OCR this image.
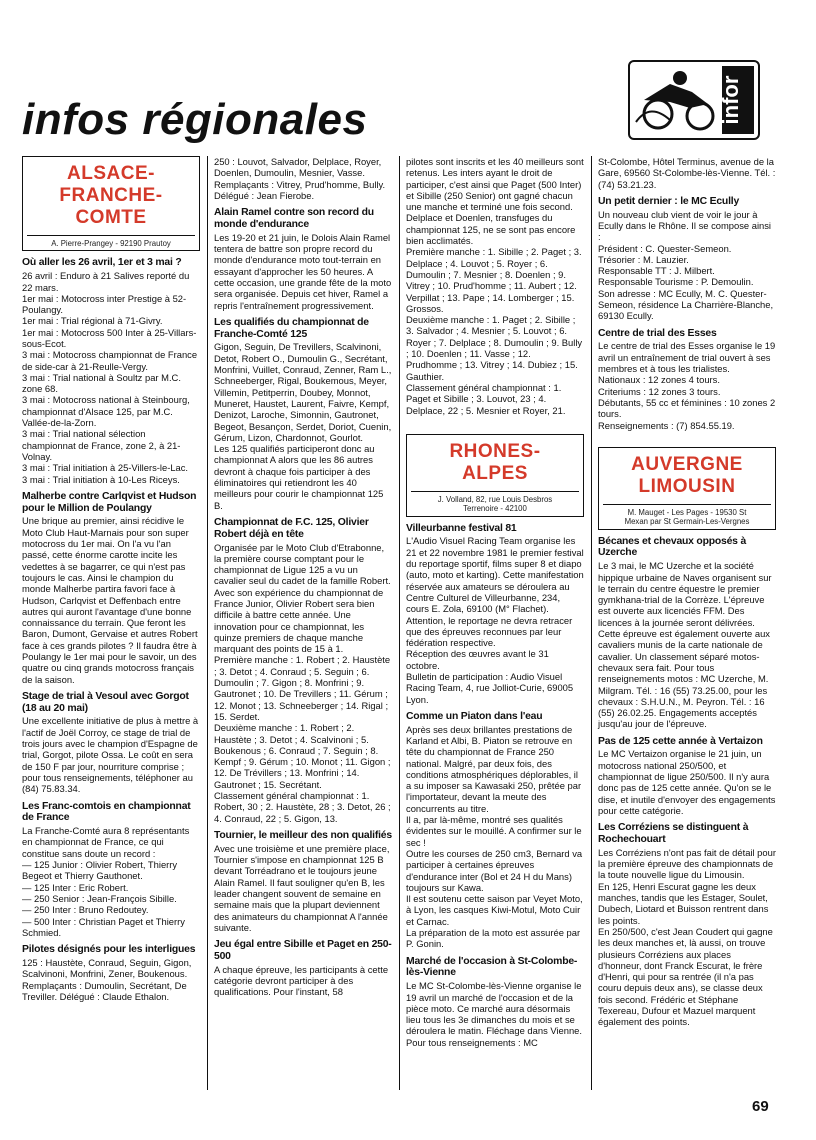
infos régionales	infor
ALSACE-
FRANCHE-
COMTE
A. Pierre-Prangey - 92190 Prautoy
Où aller les 26 avril, 1er et 3 mai ?

26 avril : Enduro à 21 Salives reporté du 22 mars.

1er mai : Motocross inter Prestige à 52-Poulangy.

1er mai : Trial régional à 71-Givry.

1er mai : Motocross 500 Inter à 25-Villars-sous-Ecot.

3 mai : Motocross championnat de France de side-car à 21-Reulle-Vergy.

3 mai : Trial national à Soultz par M.C. zone 68.

3 mai : Motocross national à Steinbourg, championnat d'Alsace 125, par M.C. Vallée-de-la-Zorn.

3 mai : Trial national sélection championnat de France, zone 2, à 21-Volnay.

3 mai : Trial initiation à 25-Villers-le-Lac.

3 mai : Trial initiation à 10-Les Riceys.

Malherbe contre Carlqvist et Hudson pour le Million de Poulangy

Une brique au premier, ainsi récidive le Moto Club Haut-Marnais pour son super motocross du 1er mai. On l'a vu l'an passé, cette énorme carotte incite les vedettes à se bagarrer, ce qui n'est pas toujours le cas. Ainsi le champion du monde Malherbe partira favori face à Hudson, Carlqvist et Deffenbach entre autres qui auront l'avantage d'une bonne connaissance du terrain. Que feront les Baron, Dumont, Gervaise et autres Robert face à ces grands pilotes ? Il faudra être à Poulangy le 1er mai pour le savoir, un des quatre ou cinq grands motocross français de la saison.

Stage de trial à Vesoul avec Gorgot (18 au 20 mai)

Une excellente initiative de plus à mettre à l'actif de Joël Corroy, ce stage de trial de trois jours avec le champion d'Espagne de trial, Gorgot, pilote Ossa. Le coût en sera de 150 F par jour, nourriture comprise ; pour tous renseignements, téléphoner au (84) 75.83.34.

Les Franc-comtois en championnat de France

La Franche-Comté aura 8 représentants en championnat de France, ce qui constitue sans doute un record :

— 125 Junior : Olivier Robert, Thierry Begeot et Thierry Gauthonet.

— 125 Inter : Eric Robert.

— 250 Senior : Jean-François Sibille.

— 250 Inter : Bruno Redoutey.

— 500 Inter : Christian Paget et Thierry Schmied.

Pilotes désignés pour les interligues

125 : Haustète, Conraud, Seguin, Gigon, Scalvinoni, Monfrini, Zener, Boukenous. Remplaçants : Dumoulin, Secrétant, De Treviller. Délégué : Claude Ethalon.

250 : Louvot, Salvador, Delplace, Royer, Doenlen, Dumoulin, Mesnier, Vasse. Remplaçants : Vitrey, Prud'homme, Bully. Délégué : Jean Fierobe.

Alain Ramel contre son record du monde d'endurance

Les 19-20 et 21 juin, le Dolois Alain Ramel tentera de battre son propre record du monde d'endurance moto tout-terrain en essayant d'approcher les 50 heures. A cette occasion, une grande fête de la moto sera organisée. Depuis cet hiver, Ramel a repris l'entraînement progressivement.

Les qualifiés du championnat de Franche-Comté 125

Gigon, Seguin, De Trevillers, Scalvinoni, Detot, Robert O., Dumoulin G., Secrétant, Monfrini, Vuillet, Conraud, Zenner, Ram L., Schneeberger, Rigal, Boukemous, Meyer, Villemin, Petitperrin, Doubey, Monnot, Muneret, Haustet, Laurent, Faivre, Kempf, Denizot, Laroche, Simonnin, Gautronet, Begeot, Besançon, Serdet, Doriot, Cuenin, Gérum, Lizon, Chardonnot, Gourlot.

Les 125 qualifiés participeront donc au championnat A alors que les 86 autres devront à chaque fois participer à des éliminatoires qui retiendront les 40 meilleurs pour courir le championnat 125 B.

Championnat de F.C. 125, Olivier Robert déjà en tête

Organisée par le Moto Club d'Etrabonne, la première course comptant pour le championnat de Ligue 125 a vu un cavalier seul du cadet de la famille Robert. Avec son expérience du championnat de France Junior, Olivier Robert sera bien difficile à battre cette année. Une innovation pour ce championnat, les quinze premiers de chaque manche marquant des points de 15 à 1.

Première manche : 1. Robert ; 2. Haustète ; 3. Detot ; 4. Conraud ; 5. Seguin ; 6. Dumoulin ; 7. Gigon ; 8. Monfrini ; 9. Gautronet ; 10. De Trevillers ; 11. Gérum ; 12. Monot ; 13. Schneeberger ; 14. Rigal ; 15. Serdet.

Deuxième manche : 1. Robert ; 2. Haustète ; 3. Detot ; 4. Scalvinoni ; 5. Boukenous ; 6. Conraud ; 7. Seguin ; 8. Kempf ; 9. Gérum ; 10. Monot ; 11. Gigon ; 12. De Trévillers ; 13. Monfrini ; 14. Gautronet ; 15. Secrétant.

Classement général championnat : 1. Robert, 30 ; 2. Haustète, 28 ; 3. Detot, 26 ; 4. Conraud, 22 ; 5. Gigon, 13.

Tournier, le meilleur des non qualifiés

Avec une troisième et une première place, Tournier s'impose en championnat 125 B devant Torréadrano et le toujours jeune Alain Ramel. Il faut souligner qu'en B, les leader changent souvent de semaine en semaine mais que la plupart deviennent des animateurs du championnat A l'année suivante.

Jeu égal entre Sibille et Paget en 250-500

A chaque épreuve, les participants à cette catégorie devront participer à des qualifications. Pour l'instant, 58

pilotes sont inscrits et les 40 meilleurs sont retenus. Les inters ayant le droit de participer, c'est ainsi que Paget (500 Inter) et Sibille (250 Senior) ont gagné chacun une manche et terminé une fois second. Delplace et Doenlen, transfuges du championnat 125, ne se sont pas encore bien acclimatés.

Première manche : 1. Sibille ; 2. Paget ; 3. Delplace ; 4. Louvot ; 5. Royer ; 6. Dumoulin ; 7. Mesnier ; 8. Doenlen ; 9. Vitrey ; 10. Prud'homme ; 11. Aubert ; 12. Verpillat ; 13. Pape ; 14. Lomberger ; 15. Grossos.

Deuxième manche : 1. Paget ; 2. Sibille ; 3. Salvador ; 4. Mesnier ; 5. Louvot ; 6. Royer ; 7. Delplace ; 8. Dumoulin ; 9. Bully ; 10. Doenlen ; 11. Vasse ; 12. Prudhomme ; 13. Vitrey ; 14. Dubiez ; 15. Gauthier.

Classement général championnat : 1. Paget et Sibille ; 3. Louvot, 23 ; 4. Delplace, 22 ; 5. Mesnier et Royer, 21.

RHONES-
ALPES
J. Volland, 82, rue Louis Desbros
Terrenoire - 42100
Villeurbanne festival 81

L'Audio Visuel Racing Team organise les 21 et 22 novembre 1981 le premier festival du reportage sportif, films super 8 et diapo (auto, moto et karting). Cette manifestation réservée aux amateurs se déroulera au Centre Culturel de Villeurbanne, 234, cours E. Zola, 69100 (M° Flachet).

Attention, le reportage ne devra retracer que des épreuves reconnues par leur fédération respective.

Réception des œuvres avant le 31 octobre.

Bulletin de participation : Audio Visuel Racing Team, 4, rue Jolliot-Curie, 69005 Lyon.

Comme un Piaton dans l'eau

Après ses deux brillantes prestations de Karland et Albi, B. Piaton se retrouve en tête du championnat de France 250 national. Malgré, par deux fois, des conditions atmosphériques déplorables, il a su imposer sa Kawasaki 250, prêtée par l'importateur, devant la meute des concurrents au titre.

Il a, par là-même, montré ses qualités évidentes sur le mouillé. A confirmer sur le sec !

Outre les courses de 250 cm3, Bernard va participer à certaines épreuves d'endurance inter (Bol et 24 H du Mans) toujours sur Kawa.

Il est soutenu cette saison par Veyet Moto, à Lyon, les casques Kiwi-Motul, Moto Cuir et Carnac.

La préparation de la moto est assurée par P. Gonin.

Marché de l'occasion à St-Colombe-lès-Vienne

Le MC St-Colombe-lès-Vienne organise le 19 avril un marché de l'occasion et de la pièce moto. Ce marché aura désormais lieu tous les 3e dimanches du mois et se déroulera le matin. Fléchage dans Vienne.

Pour tous renseignements : MC

St-Colombe, Hôtel Terminus, avenue de la Gare, 69560 St-Colombe-lès-Vienne. Tél. : (74) 53.21.23.

Un petit dernier : le MC Ecully

Un nouveau club vient de voir le jour à Ecully dans le Rhône. Il se compose ainsi :

Président : C. Quester-Semeon.

Trésorier : M. Lauzier.

Responsable TT : J. Milbert.

Responsable Tourisme : P. Demoulin.

Son adresse : MC Ecully, M. C. Quester-Semeon, résidence La Charrière-Blanche, 69130 Ecully.

Centre de trial des Esses

Le centre de trial des Esses organise le 19 avril un entraînement de trial ouvert à ses membres et à tous les trialistes.

Nationaux : 12 zones 4 tours.

Criteriums : 12 zones 3 tours.

Débutants, 55 cc et féminines : 10 zones 2 tours.

Renseignements : (7) 854.55.19.

AUVERGNE
LIMOUSIN
M. Mauget - Les Pages - 19530 St
Mexan par St Germain-Les-Vergnes
Bécanes et chevaux opposés à Uzerche

Le 3 mai, le MC Uzerche et la société hippique urbaine de Naves organisent sur le terrain du centre équestre le premier gymkhana-trial de la Corrèze. L'épreuve est ouverte aux licenciés FFM. Des licences à la journée seront délivrées. Cette épreuve est également ouverte aux cavaliers munis de la carte nationale de cavalier. Un classement séparé motos-chevaux sera fait. Pour tous renseignements motos : MC Uzerche, M. Milgram. Tél. : 16 (55) 73.25.00, pour les chevaux : S.H.U.N., M. Peyron. Tél. : 16 (55) 26.02.25. Engagements acceptés jusqu'au jour de l'épreuve.

Pas de 125 cette année à Vertaizon

Le MC Vertaizon organise le 21 juin, un motocross national 250/500, et championnat de ligue 250/500. Il n'y aura donc pas de 125 cette année. Qu'on se le dise, et inutile d'envoyer des engagements pour cette catégorie.

Les Corréziens se distinguent à Rochechouart

Les Corréziens n'ont pas fait de détail pour la première épreuve des championnats de la toute nouvelle ligue du Limousin.

En 125, Henri Escurat gagne les deux manches, tandis que les Estager, Soulet, Dubech, Liotard et Buisson rentrent dans les points.

En 250/500, c'est Jean Coudert qui gagne les deux manches et, là aussi, on trouve plusieurs Corréziens aux places d'honneur, dont Franck Escurat, le frère d'Henri, qui pour sa rentrée (il n'a pas couru depuis deux ans), se classe deux fois second. Frédéric et Stéphane Texereau, Dufour et Mazuel marquent également des points.

69
